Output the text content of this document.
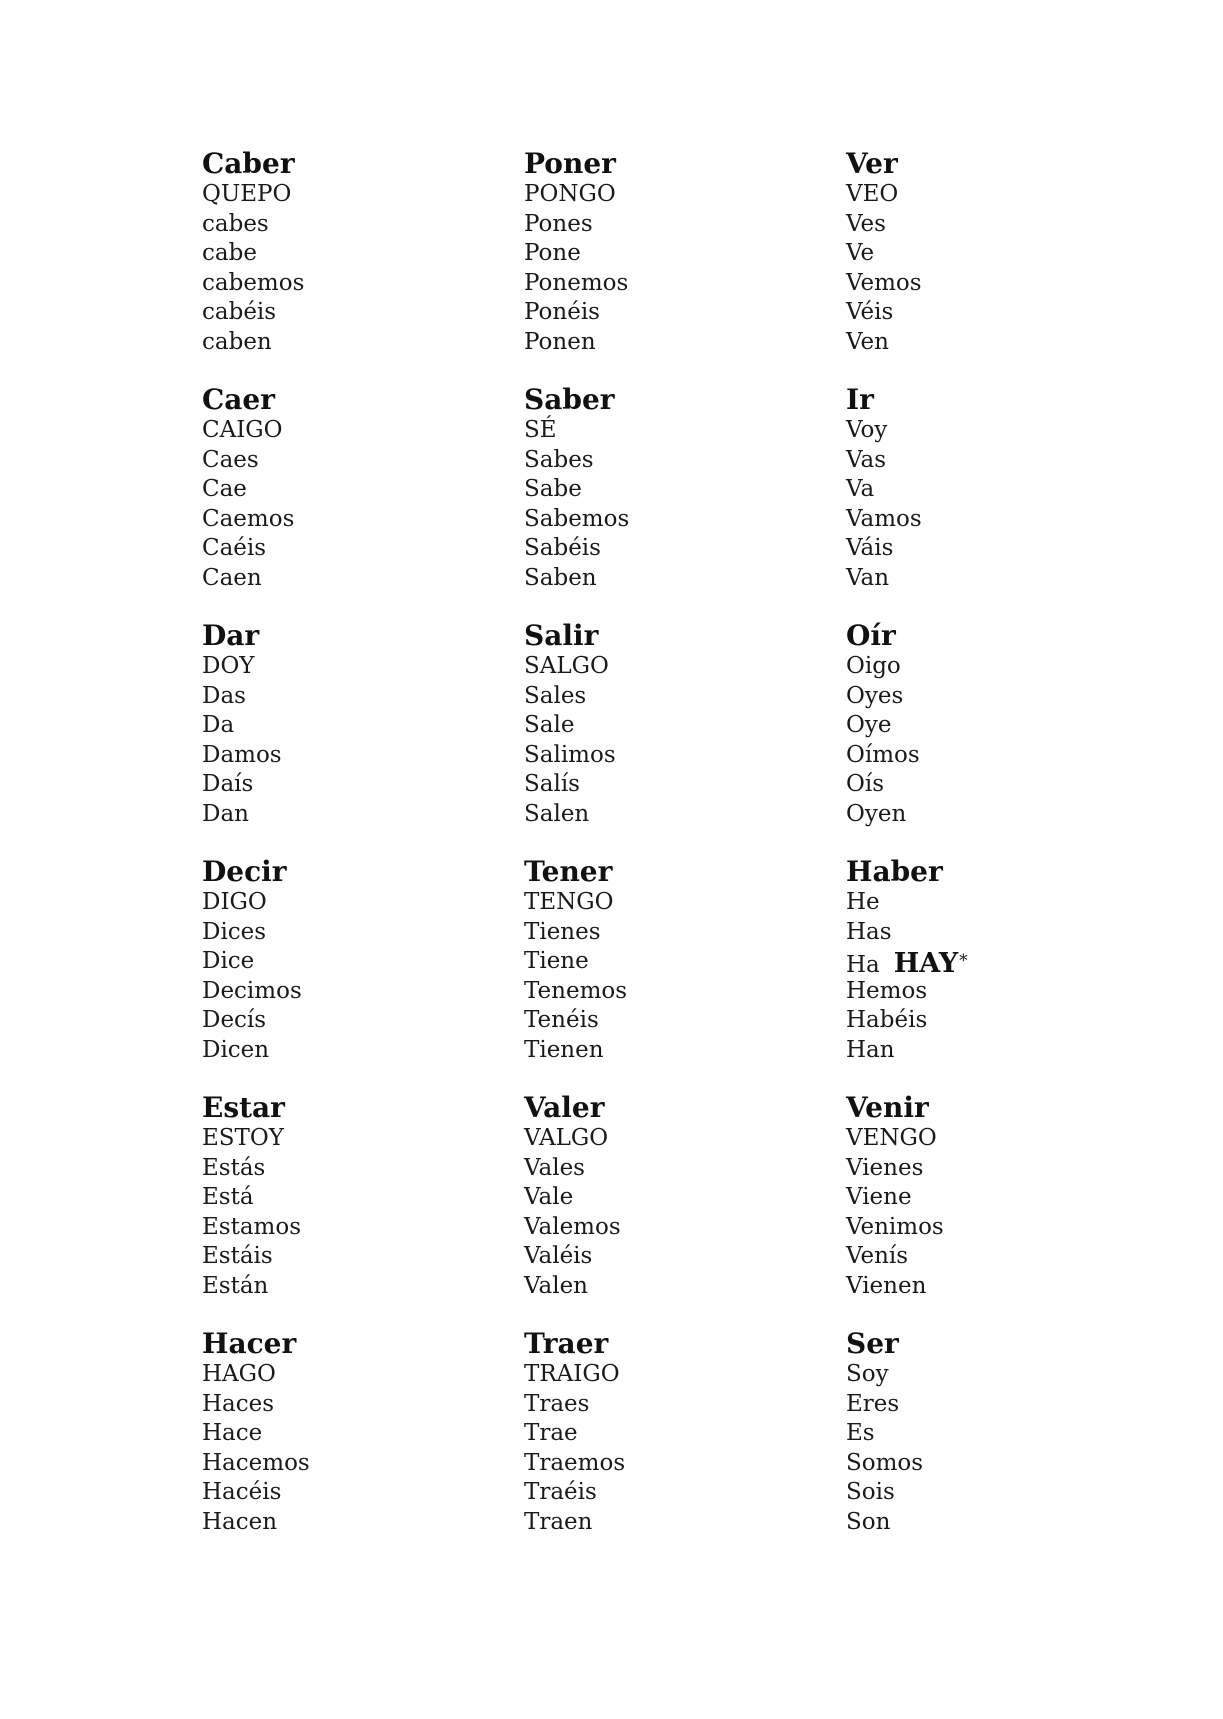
Caber
QUEPO
cabes
cabe
cabemos
cabéis
caben
Poner
PONGO
Pones
Pone
Ponemos
Ponéis
Ponen
Ver
VEO
Ves
Ve
Vemos
Véis
Ven
Caer
CAIGO
Caes
Cae
Caemos
Caéis
Caen
Saber
SÉ
Sabes
Sabe
Sabemos
Sabéis
Saben
Ir
Voy
Vas
Va
Vamos
Váis
Van
Dar
DOY
Das
Da
Damos
Daís
Dan
Salir
SALGO
Sales
Sale
Salimos
Salís
Salen
Oír
Oigo
Oyes
Oye
Oímos
Oís
Oyen
Decir
DIGO
Dices
Dice
Decimos
Decís
Dicen
Tener
TENGO
Tienes
Tiene
Tenemos
Tenéis
Tienen
Haber
He
Has
Ha HAY*
Hemos
Habéis
Han
Estar
ESTOY
Estás
Está
Estamos
Estáis
Están
Valer
VALGO
Vales
Vale
Valemos
Valéis
Valen
Venir
VENGO
Vienes
Viene
Venimos
Venís
Vienen
Hacer
HAGO
Haces
Hace
Hacemos
Hacéis
Hacen
Traer
TRAIGO
Traes
Trae
Traemos
Traéis
Traen
Ser
Soy
Eres
Es
Somos
Sois
Son
